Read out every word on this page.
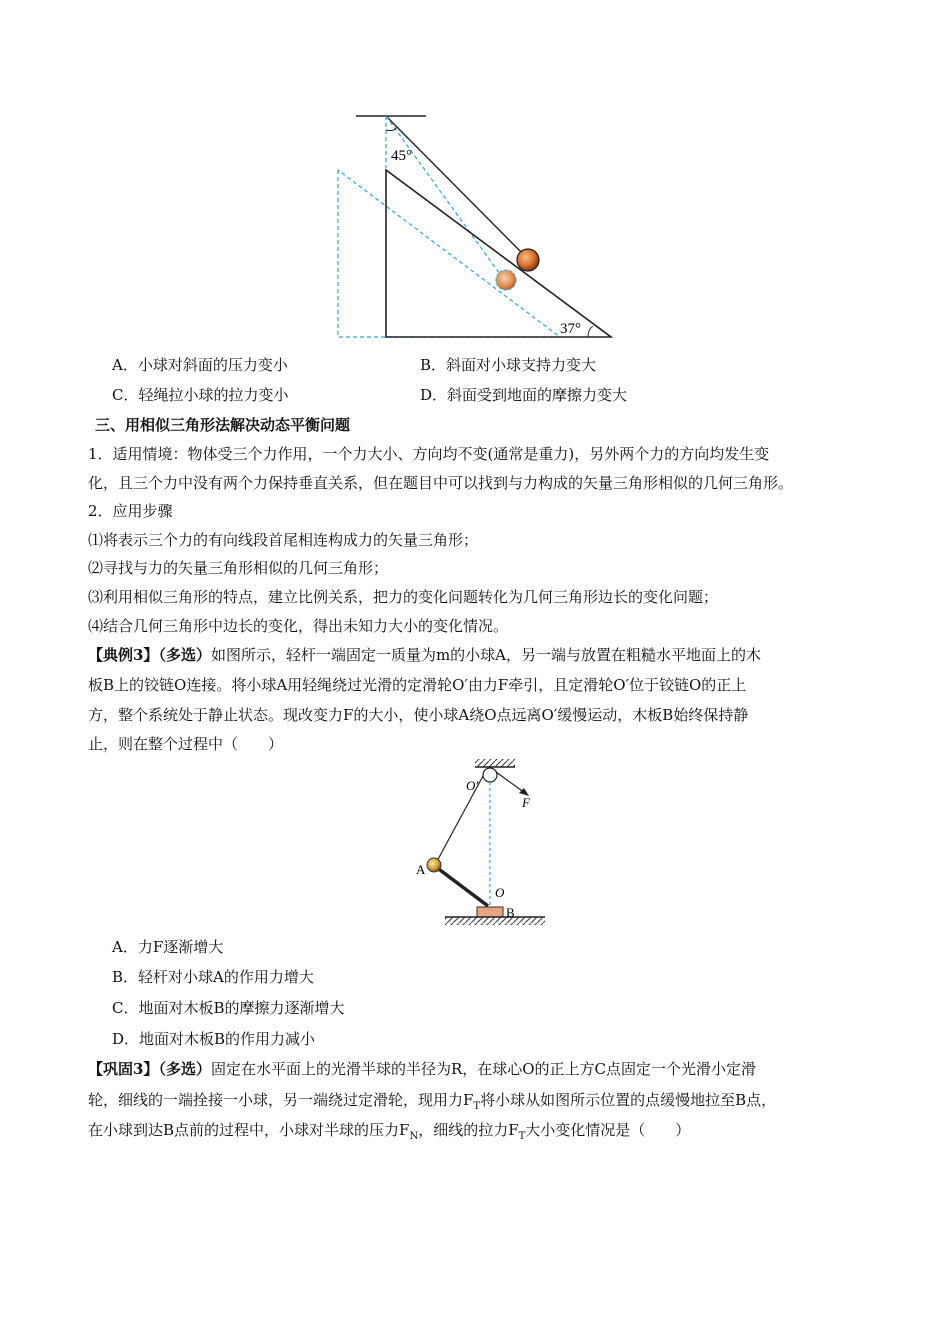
45°
37°
A．小球对斜面的压力变小	B．斜面对小球支持力变大
C．轻绳拉小球的拉力变小	D．斜面受到地面的摩擦力变大
三、用相似三角形法解决动态平衡问题
1．适用情境：物体受三个力作用，一个力大小、方向均不变(通常是重力)，另外两个力的方向均发生变
化，且三个力中没有两个力保持垂直关系，但在题目中可以找到与力构成的矢量三角形相似的几何三角形。
2．应用步骤
⑴将表示三个力的有向线段首尾相连构成力的矢量三角形；
⑵寻找与力的矢量三角形相似的几何三角形；
⑶利用相似三角形的特点，建立比例关系，把力的变化问题转化为几何三角形边长的变化问题；
⑷结合几何三角形中边长的变化，得出未知力大小的变化情况。
【典例3】（多选）如图所示，轻杆一端固定一质量为m的小球A，另一端与放置在粗糙水平地面上的木
板B上的铰链O连接。将小球A用轻绳绕过光滑的定滑轮O′由力F牵引，且定滑轮O′位于铰链O的正上
方，整个系统处于静止状态。现改变力F的大小，使小球A绕O点远离O′缓慢运动，木板B始终保持静
止，则在整个过程中（　　）
O′
F
A
O
B
A．力F逐渐增大
B．轻杆对小球A的作用力增大
C．地面对木板B的摩擦力逐渐增大
D．地面对木板B的作用力减小
【巩固3】（多选）固定在水平面上的光滑半球的半径为R，在球心O的正上方C点固定一个光滑小定滑
轮，细线的一端拴接一小球，另一端绕过定滑轮，现用力$F_T$将小球从如图所示位置的点缓慢地拉至B点，
在小球到达B点前的过程中，小球对半球的压力$F_N$，细线的拉力$F_T$大小变化情况是（　　）
